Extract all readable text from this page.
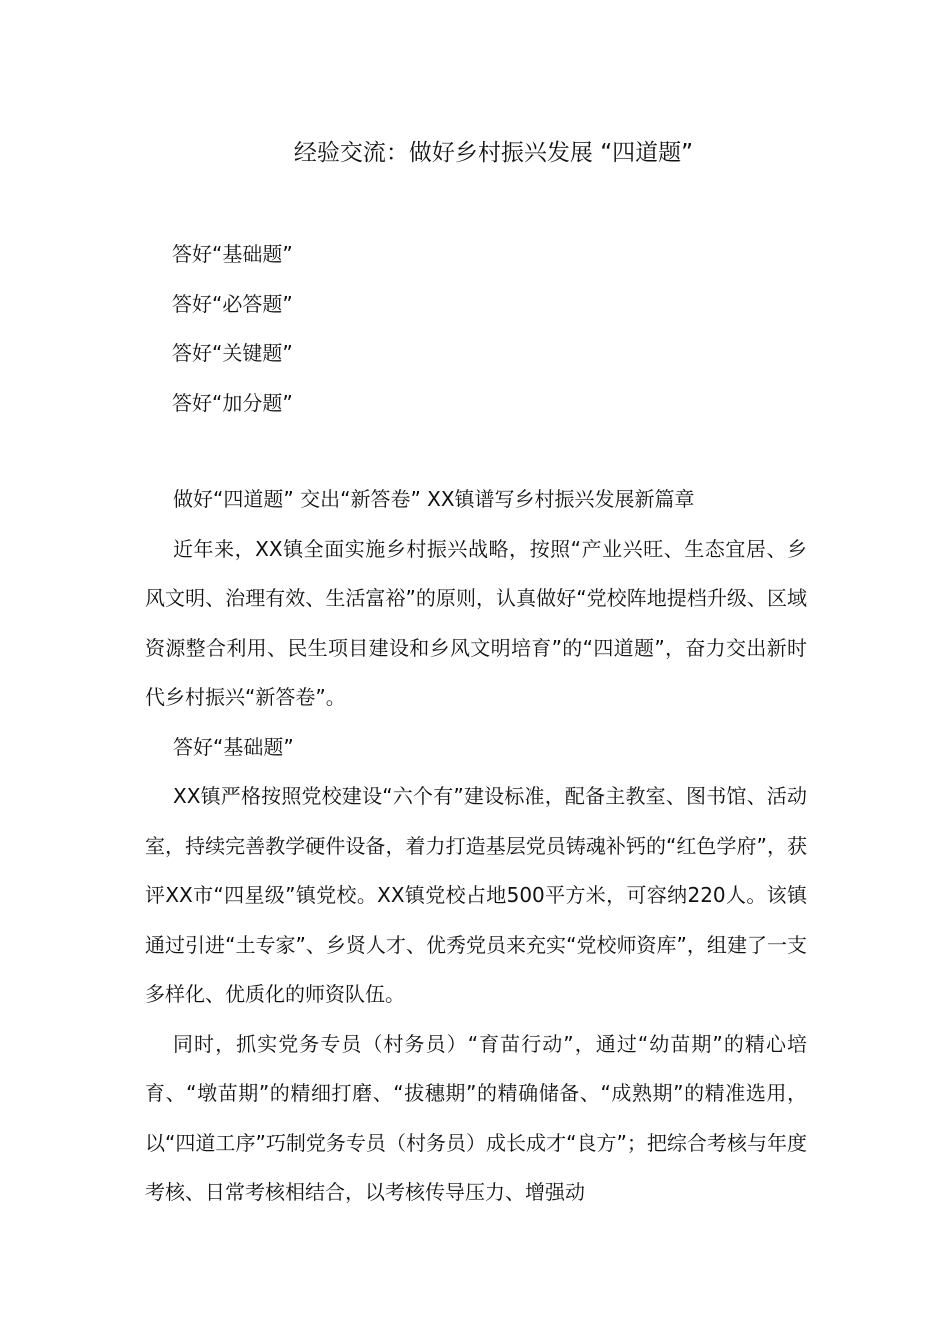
经验交流：做好乡村振兴发展 “四道题”
答好“基础题”
答好“必答题”
答好“关键题”
答好“加分题”

做好“四道题” 交出“新答卷” XX镇谱写乡村振兴发展新篇章

近年来，XX镇全面实施乡村振兴战略，按照“产业兴旺、生态宜居、乡风文明、治理有效、生活富裕”的原则，认真做好“党校阵地提档升级、区域资源整合利用、民生项目建设和乡风文明培育”的“四道题”，奋力交出新时代乡村振兴“新答卷”。

答好“基础题”

XX镇严格按照党校建设“六个有”建设标准，配备主教室、图书馆、活动室，持续完善教学硬件设备，着力打造基层党员铸魂补钙的“红色学府”，获评XX市“四星级”镇党校。XX镇党校占地500平方米，可容纳220人。该镇通过引进“土专家”、乡贤人才、优秀党员来充实“党校师资库”，组建了一支多样化、优质化的师资队伍。

同时，抓实党务专员（村务员）“育苗行动”，通过“幼苗期”的精心培育、“墩苗期”的精细打磨、“拔穗期”的精确储备、“成熟期”的精准选用，以“四道工序”巧制党务专员（村务员）成长成才“良方”；把综合考核与年度考核、日常考核相结合，以考核传导压力、增强动
